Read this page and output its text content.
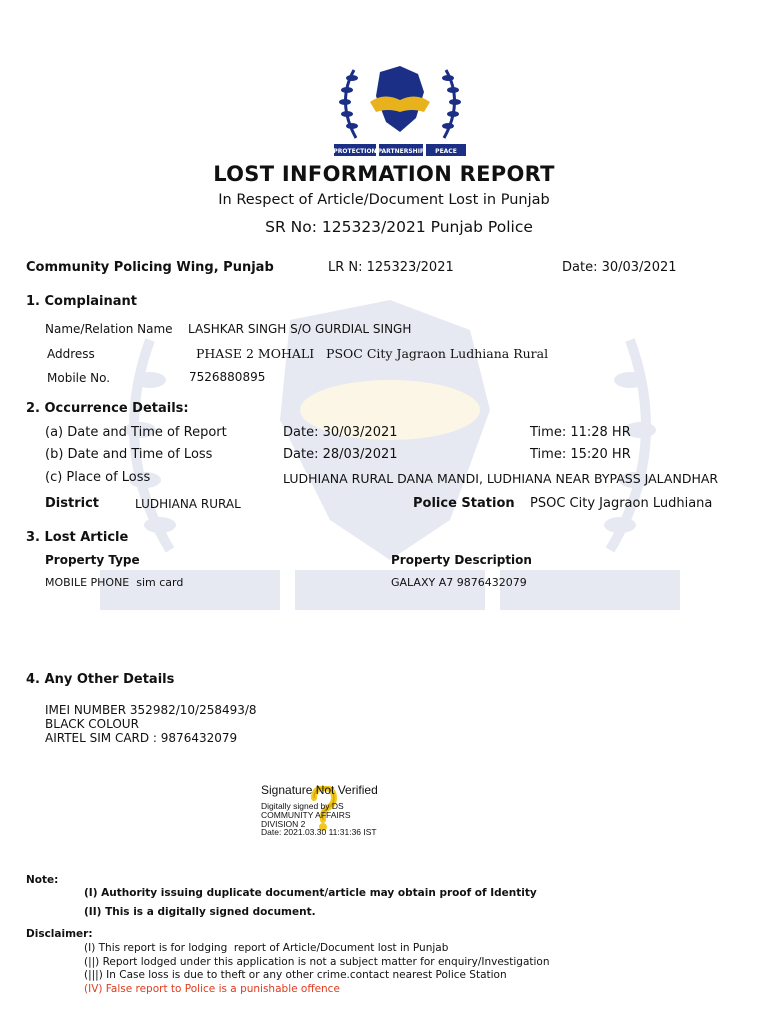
PROTECTION PARTNERSHIP PEACE
LOST INFORMATION REPORT
In Respect of Article/Document Lost in Punjab
SR No: 125323/2021 Punjab Police
Community Policing Wing, Punjab	LR N: 125323/2021	Date: 30/03/2021
1. Complainant
Name/Relation Name LASHKAR SINGH S/O GURDIAL SINGH
Address	PHASE 2 MOHALI   PSOC City Jagraon Ludhiana Rural
Mobile No.	7526880895
2. Occurrence Details:
(a) Date and Time of Report	Date: 30/03/2021	Time: 11:28 HR
(b) Date and Time of Loss	Date: 28/03/2021	Time: 15:20 HR
(c) Place of Loss	LUDHIANA RURAL DANA MANDI, LUDHIANA NEAR BYPASS JALANDHAR
District	LUDHIANA RURAL	Police Station PSOC City Jagraon Ludhiana
3. Lost Article
Property Type	Property Description
MOBILE PHONE  sim card	GALAXY A7 9876432079
4. Any Other Details
IMEI NUMBER 352982/10/258493/8
BLACK COLOUR
AIRTEL SIM CARD : 9876432079
Signature Not Verified
Digitally signed by DS
COMMUNITY AFFAIRS
DIVISION 2
Date: 2021.03.30 11:31:36 IST
Note:
(I) Authority issuing duplicate document/article may obtain proof of Identity
(II) This is a digitally signed document.
Disclaimer:
(I) This report is for lodging  report of Article/Document lost in Punjab
(||) Report lodged under this application is not a subject matter for enquiry/Investigation
(|||) In Case loss is due to theft or any other crime.contact nearest Police Station
(IV) False report to Police is a punishable offence
